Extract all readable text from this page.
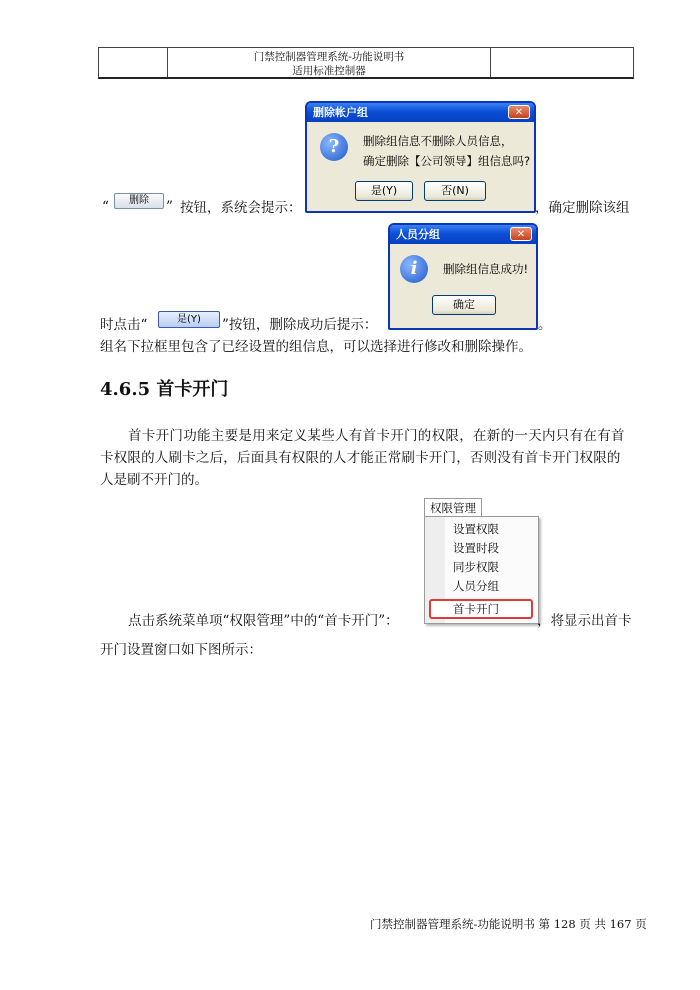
门禁控制器管理系统-功能说明书
适用标准控制器
删除帐户组	✕
?	删除组信息不删除人员信息，
确定删除【公司领导】组信息吗?
是(Y)	否(N)
“	删除	” 按钮，系统会提示：	，确定删除该组
人员分组	✕
i	删除组信息成功!
确定
时点击“	是(Y)	”按钮，删除成功后提示：	。
组名下拉框里包含了已经设置的组信息，可以选择进行修改和删除操作。
4.6.5 首卡开门
首卡开门功能主要是用来定义某些人有首卡开门的权限，在新的一天内只有在有首
卡权限的人刷卡之后，后面具有权限的人才能正常刷卡开门，否则没有首卡开门权限的
人是刷不开门的。
权限管理
设置权限
设置时段
同步权限
人员分组
首卡开门
点击系统菜单项“权限管理”中的“首卡开门”：	，将显示出首卡
开门设置窗口如下图所示：
门禁控制器管理系统-功能说明书 第 128 页 共 167 页
